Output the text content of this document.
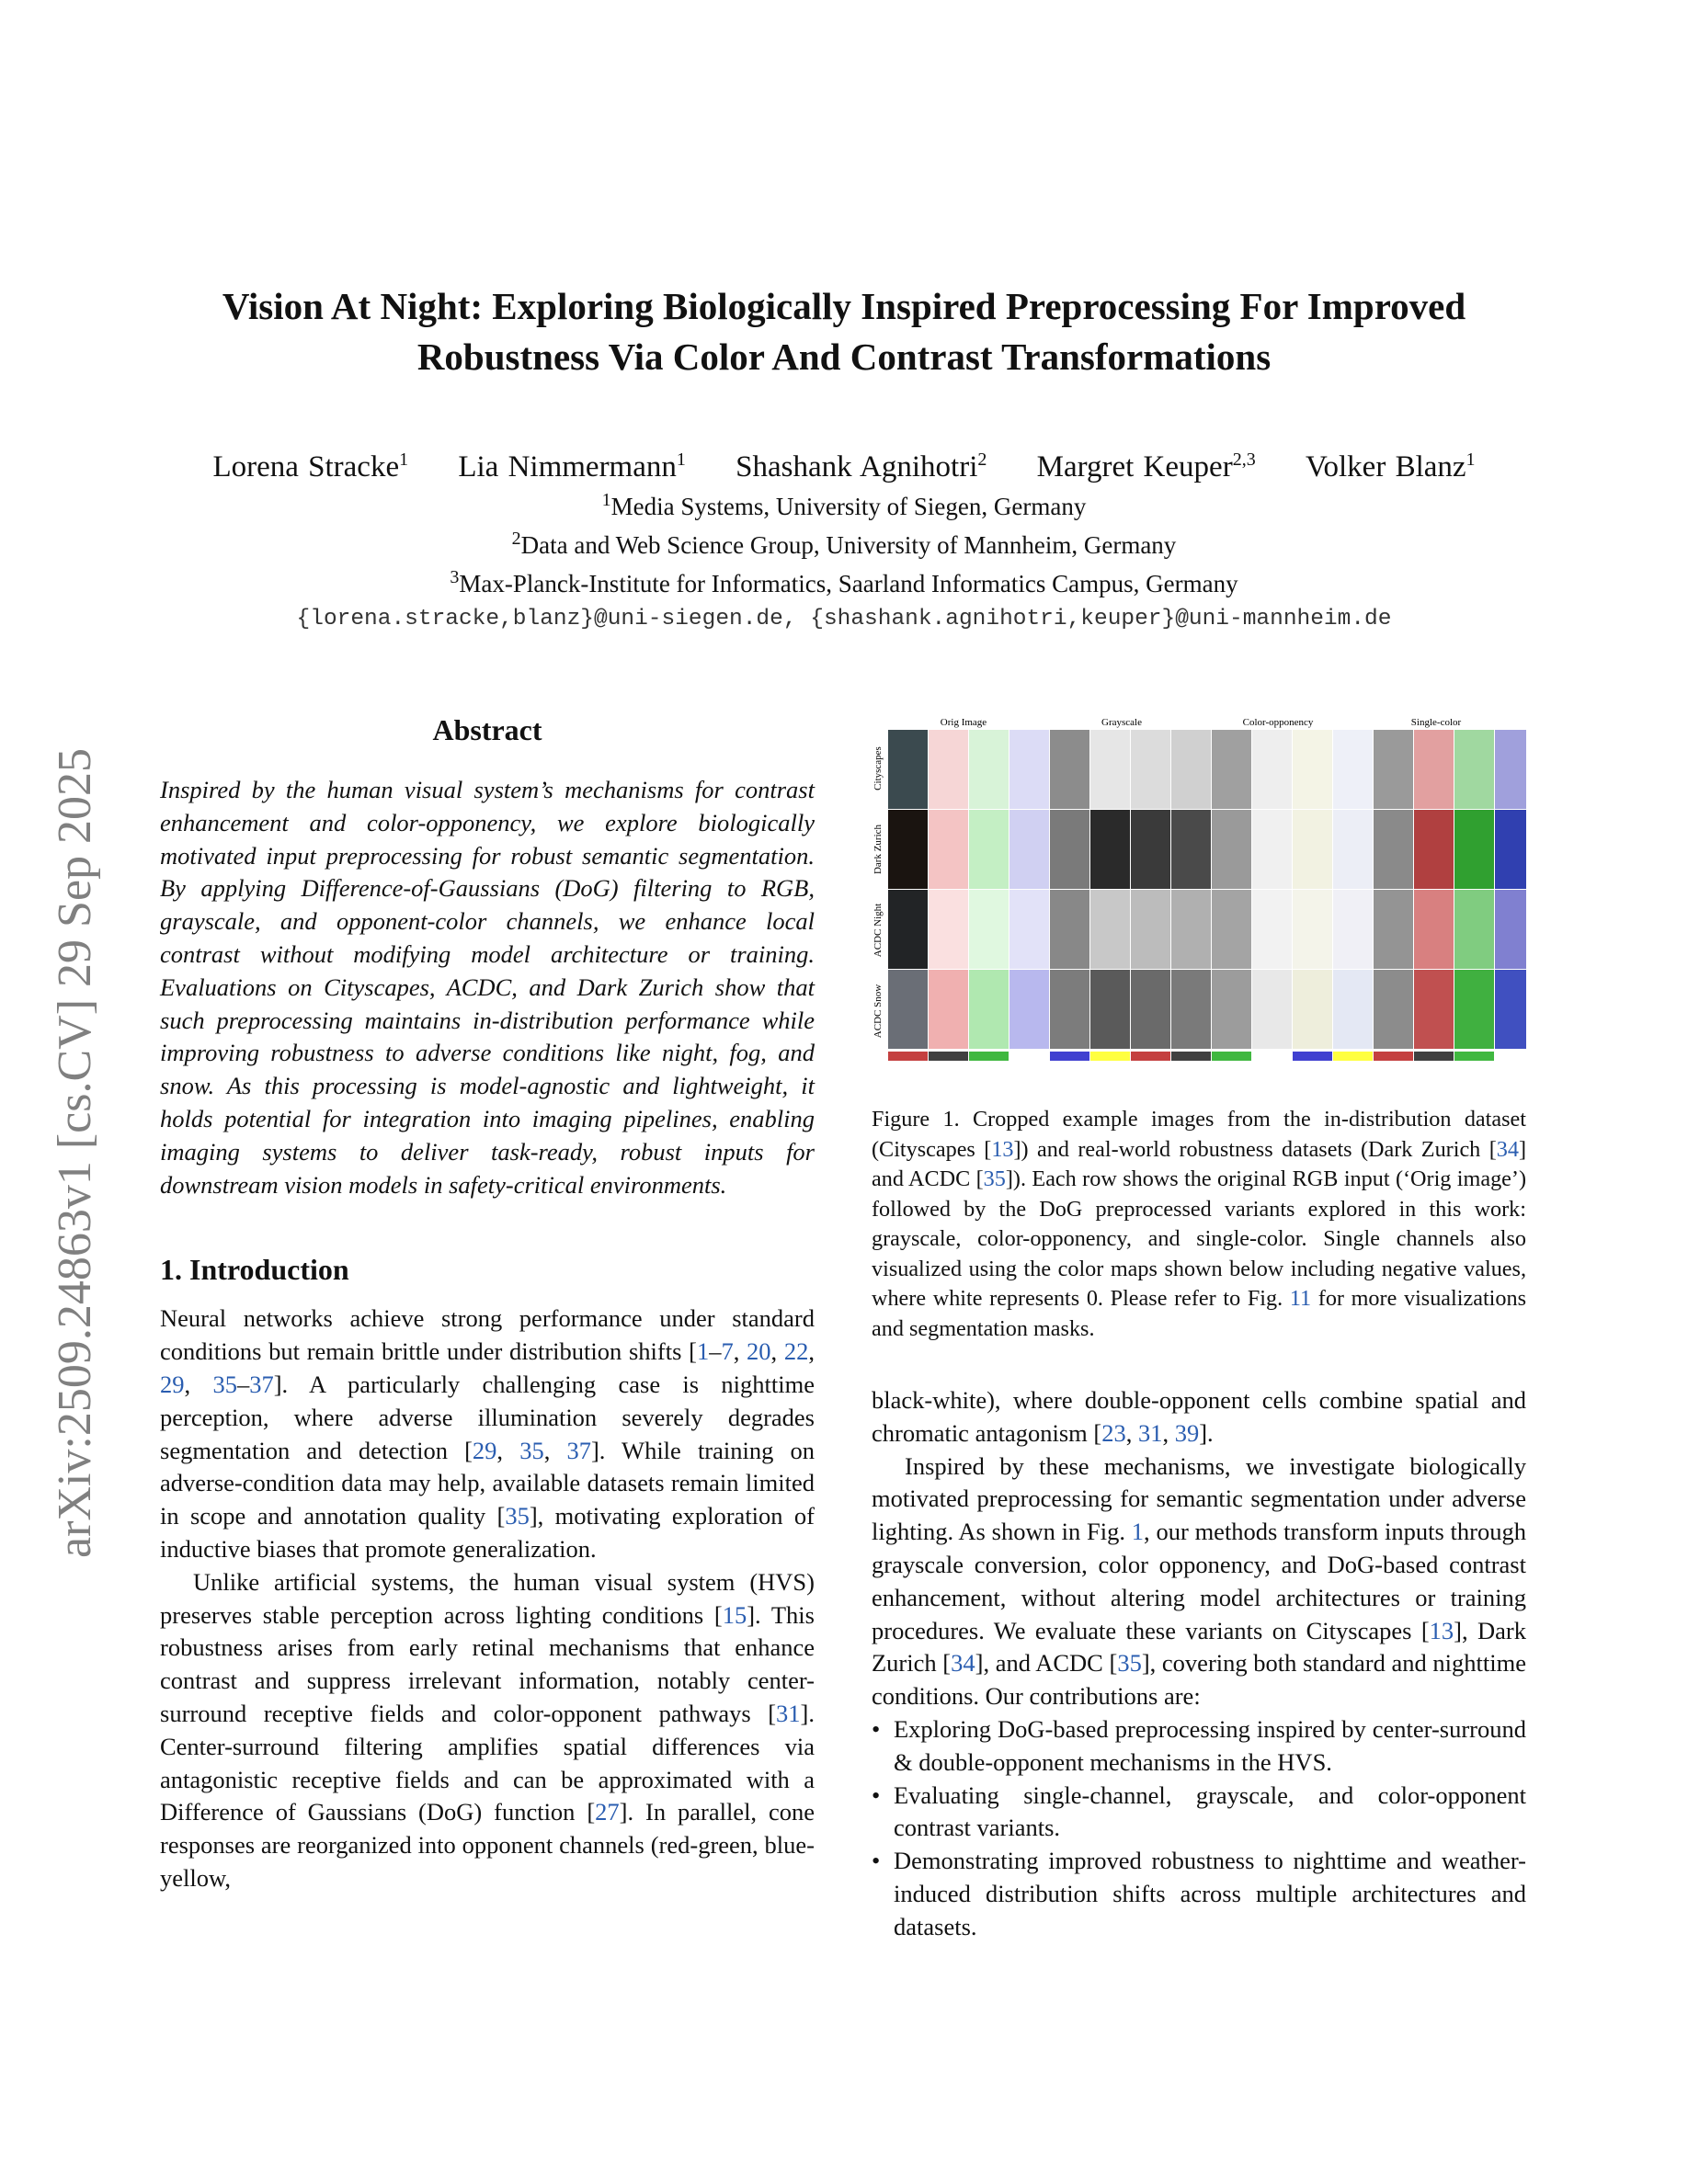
arXiv:2509.24863v1 [cs.CV] 29 Sep 2025
Vision At Night: Exploring Biologically Inspired Preprocessing For Improved
Robustness Via Color And Contrast Transformations
Lorena Stracke$^1$ Lia Nimmermann$^1$ Shashank Agnihotri$^2$ Margret Keuper$^{2,3}$ Volker Blanz$^1$
$^1$Media Systems, University of Siegen, Germany
$^2$Data and Web Science Group, University of Mannheim, Germany
$^3$Max-Planck-Institute for Informatics, Saarland Informatics Campus, Germany
{lorena.stracke,blanz}@uni-siegen.de, {shashank.agnihotri,keuper}@uni-mannheim.de
Abstract

Inspired by the human visual system’s mechanisms for contrast enhancement and color-opponency, we explore biologically motivated input preprocessing for robust semantic segmentation. By applying Difference-of-Gaussians (DoG) filtering to RGB, grayscale, and opponent-color channels, we enhance local contrast without modifying model architecture or training. Evaluations on Cityscapes, ACDC, and Dark Zurich show that such preprocessing maintains in-distribution performance while improving robustness to adverse conditions like night, fog, and snow. As this processing is model-agnostic and lightweight, it holds potential for integration into imaging pipelines, enabling imaging systems to deliver task-ready, robust inputs for downstream vision models in safety-critical environments.

1. Introduction

Neural networks achieve strong performance under standard conditions but remain brittle under distribution shifts [1–7, 20, 22, 29, 35–37]. A particularly challenging case is nighttime perception, where adverse illumination severely degrades segmentation and detection [29, 35, 37]. While training on adverse-condition data may help, available datasets remain limited in scope and annotation quality [35], motivating exploration of inductive biases that promote generalization.

Unlike artificial systems, the human visual system (HVS) preserves stable perception across lighting conditions [15]. This robustness arises from early retinal mechanisms that enhance contrast and suppress irrelevant information, notably center-surround receptive fields and color-opponent pathways [31]. Center-surround filtering amplifies spatial differences via antagonistic receptive fields and can be approximated with a Difference of Gaussians (DoG) function [27]. In parallel, cone responses are reorganized into opponent channels (red-green, blue-yellow,

Orig Image	Grayscale	Color-opponency	Single-color
Cityscapes
Dark Zurich
ACDC Night
ACDC Snow

Figure 1. Cropped example images from the in-distribution dataset (Cityscapes [13]) and real-world robustness datasets (Dark Zurich [34] and ACDC [35]). Each row shows the original RGB input (‘Orig image’) followed by the DoG preprocessed variants explored in this work: grayscale, color-opponency, and single-color. Single channels also visualized using the color maps shown below including negative values, where white represents 0. Please refer to Fig. 11 for more visualizations and segmentation masks.

black-white), where double-opponent cells combine spatial and chromatic antagonism [23, 31, 39].

Inspired by these mechanisms, we investigate biologically motivated preprocessing for semantic segmentation under adverse lighting. As shown in Fig. 1, our methods transform inputs through grayscale conversion, color opponency, and DoG-based contrast enhancement, without altering model architectures or training procedures. We evaluate these variants on Cityscapes [13], Dark Zurich [34], and ACDC [35], covering both standard and nighttime conditions. Our contributions are:

• Exploring DoG-based preprocessing inspired by center-surround & double-opponent mechanisms in the HVS.
• Evaluating single-channel, grayscale, and color-opponent contrast variants.
• Demonstrating improved robustness to nighttime and weather-induced distribution shifts across multiple architectures and datasets.
